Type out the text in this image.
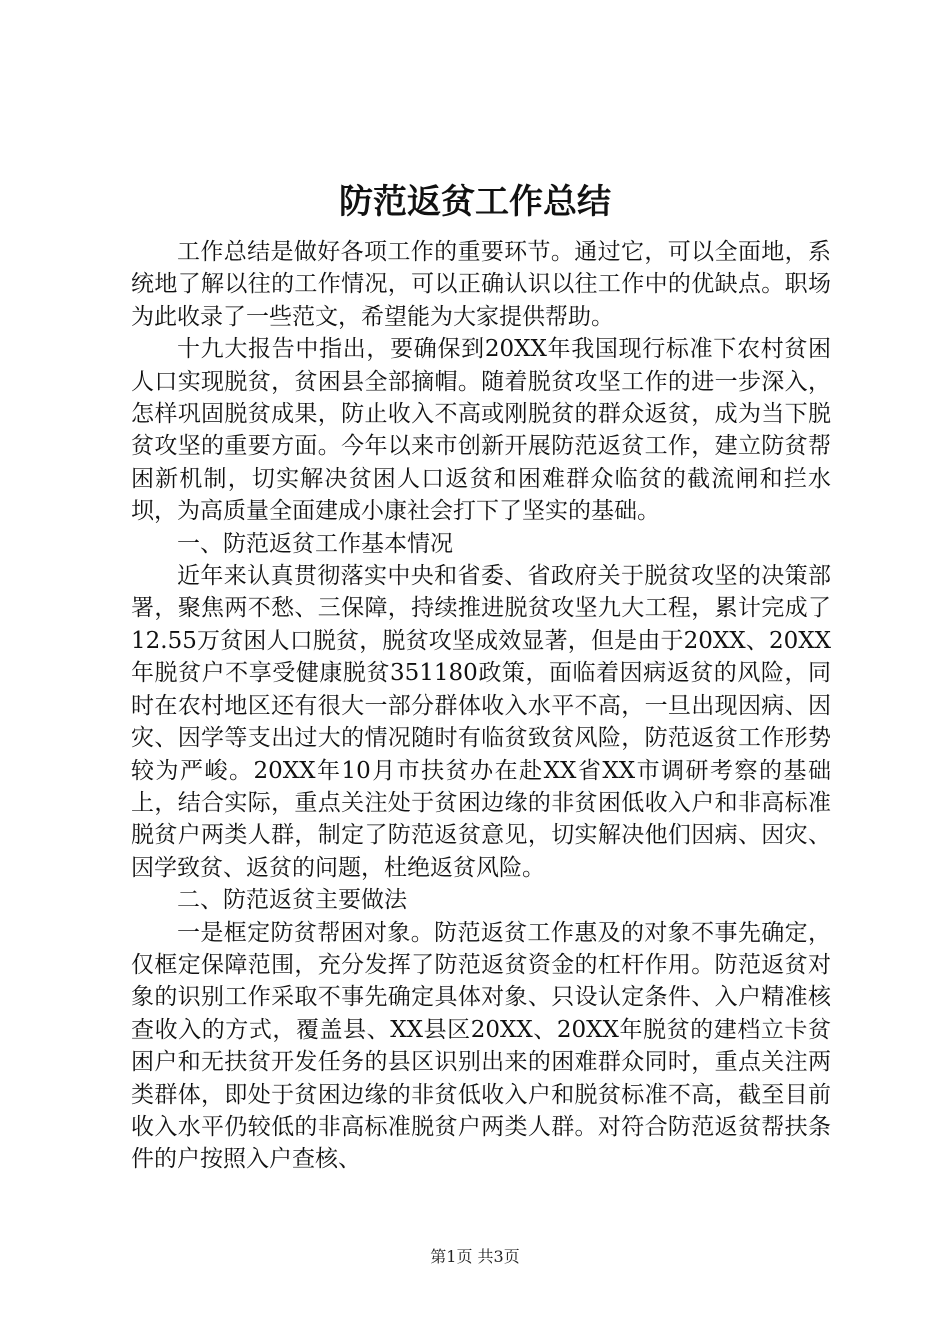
防范返贫工作总结

工作总结是做好各项工作的重要环节。通过它，可以全面地，系统地了解以往的工作情况，可以正确认识以往工作中的优缺点。职场为此收录了一些范文，希望能为大家提供帮助。

十九大报告中指出，要确保到20XX年我国现行标准下农村贫困人口实现脱贫，贫困县全部摘帽。随着脱贫攻坚工作的进一步深入，怎样巩固脱贫成果，防止收入不高或刚脱贫的群众返贫，成为当下脱贫攻坚的重要方面。今年以来市创新开展防范返贫工作，建立防贫帮困新机制，切实解决贫困人口返贫和困难群众临贫的截流闸和拦水坝，为高质量全面建成小康社会打下了坚实的基础。

一、防范返贫工作基本情况

近年来认真贯彻落实中央和省委、省政府关于脱贫攻坚的决策部署，聚焦两不愁、三保障，持续推进脱贫攻坚九大工程，累计完成了12.55万贫困人口脱贫，脱贫攻坚成效显著，但是由于20XX、20XX年脱贫户不享受健康脱贫351180政策，面临着因病返贫的风险，同时在农村地区还有很大一部分群体收入水平不高，一旦出现因病、因灾、因学等支出过大的情况随时有临贫致贫风险，防范返贫工作形势较为严峻。20XX年10月市扶贫办在赴XX省XX市调研考察的基础上，结合实际，重点关注处于贫困边缘的非贫困低收入户和非高标准脱贫户两类人群，制定了防范返贫意见，切实解决他们因病、因灾、因学致贫、返贫的问题，杜绝返贫风险。

二、防范返贫主要做法

一是框定防贫帮困对象。防范返贫工作惠及的对象不事先确定，仅框定保障范围，充分发挥了防范返贫资金的杠杆作用。防范返贫对象的识别工作采取不事先确定具体对象、只设认定条件、入户精准核查收入的方式，覆盖县、XX县区20XX、20XX年脱贫的建档立卡贫困户和无扶贫开发任务的县区识别出来的困难群众同时，重点关注两类群体，即处于贫困边缘的非贫低收入户和脱贫标准不高，截至目前收入水平仍较低的非高标准脱贫户两类人群。对符合防范返贫帮扶条件的户按照入户查核、

第1页 共3页
